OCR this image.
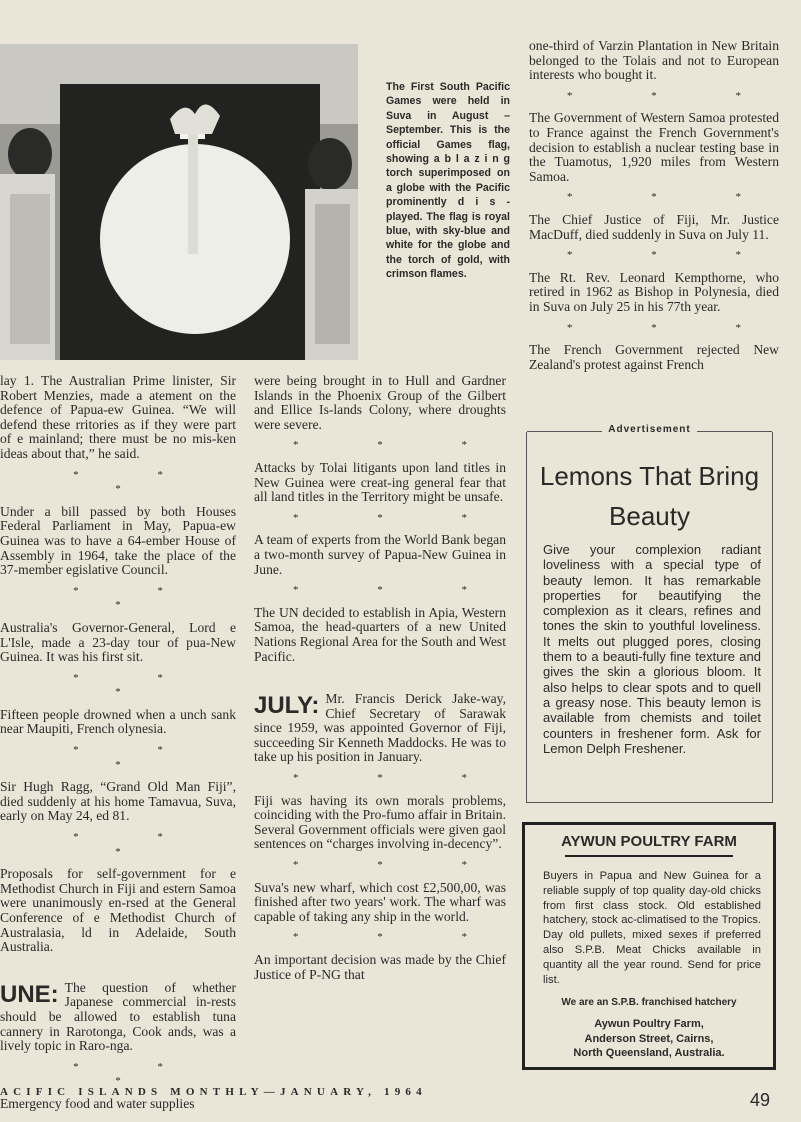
The First South Pacific Games were held in Suva in August – September. This is the official Games flag, showing a b l a z i n g torch superimposed on a globe with the Pacific prominently d i s - played. The flag is royal blue, with sky-blue and white for the globe and the torch of gold, with crimson flames.

lay 1. The Australian Prime linister, Sir Robert Menzies, made a atement on the defence of Papua-ew Guinea. “We will defend these rritories as if they were part of e mainland; there must be no mis-ken ideas about that,” he said.

* * *

Under a bill passed by both Houses Federal Parliament in May, Papua-ew Guinea was to have a 64-ember House of Assembly in 1964, take the place of the 37-member egislative Council.

* * *

Australia's Governor-General, Lord e L'Isle, made a 23-day tour of pua-New Guinea. It was his first sit.

* * *

Fifteen people drowned when a unch sank near Maupiti, French olynesia.

* * *

Sir Hugh Ragg, “Grand Old Man Fiji”, died suddenly at his home Tamavua, Suva, early on May 24, ed 81.

* * *

Proposals for self-government for e Methodist Church in Fiji and estern Samoa were unanimously en-rsed at the General Conference of e Methodist Church of Australasia, ld in Adelaide, South Australia.

UNE: The question of whether Japanese commercial in-rests should be allowed to establish tuna cannery in Rarotonga, Cook ands, was a lively topic in Raro-nga.

* * *

Emergency food and water supplies

were being brought in to Hull and Gardner Islands in the Phoenix Group of the Gilbert and Ellice Is-lands Colony, where droughts were severe.

* * *

Attacks by Tolai litigants upon land titles in New Guinea were creat-ing general fear that all land titles in the Territory might be unsafe.

* * *

A team of experts from the World Bank began a two-month survey of Papua-New Guinea in June.

* * *

The UN decided to establish in Apia, Western Samoa, the head-quarters of a new United Nations Regional Area for the South and West Pacific.

JULY: Mr. Francis Derick Jake-way, Chief Secretary of Sarawak since 1959, was appointed Governor of Fiji, succeeding Sir Kenneth Maddocks. He was to take up his position in January.

* * *

Fiji was having its own morals problems, coinciding with the Pro-fumo affair in Britain. Several Government officials were given gaol sentences on “charges involving in-decency”.

* * *

Suva's new wharf, which cost £2,500,00, was finished after two years' work. The wharf was capable of taking any ship in the world.

* * *

An important decision was made by the Chief Justice of P-NG that

one-third of Varzin Plantation in New Britain belonged to the Tolais and not to European interests who bought it.

* * *

The Government of Western Samoa protested to France against the French Government's decision to establish a nuclear testing base in the Tuamotus, 1,920 miles from Western Samoa.

* * *

The Chief Justice of Fiji, Mr. Justice MacDuff, died suddenly in Suva on July 11.

* * *

The Rt. Rev. Leonard Kempthorne, who retired in 1962 as Bishop in Polynesia, died in Suva on July 25 in his 77th year.

* * *

The French Government rejected New Zealand's protest against French

Advertisement
Lemons That Bring Beauty
Give your complexion radiant loveliness with a special type of beauty lemon. It has remarkable properties for beautifying the complexion as it clears, refines and tones the skin to youthful loveliness. It melts out plugged pores, closing them to a beauti-fully fine texture and gives the skin a glorious bloom. It also helps to clear spots and to quell a greasy nose. This beauty lemon is available from chemists and toilet counters in freshener form. Ask for Lemon Delph Freshener.
AYWUN POULTRY FARM
Buyers in Papua and New Guinea for a reliable supply of top quality day-old chicks from first class stock. Old established hatchery, stock ac-climatised to the Tropics. Day old pullets, mixed sexes if preferred also S.P.B. Meat Chicks available in quantity all the year round. Send for price list.
We are an S.P.B. franchised hatchery
Aywun Poultry Farm,
Anderson Street, Cairns,
North Queensland, Australia.
ACIFIC ISLANDS MONTHLY—JANUARY, 1964	49
